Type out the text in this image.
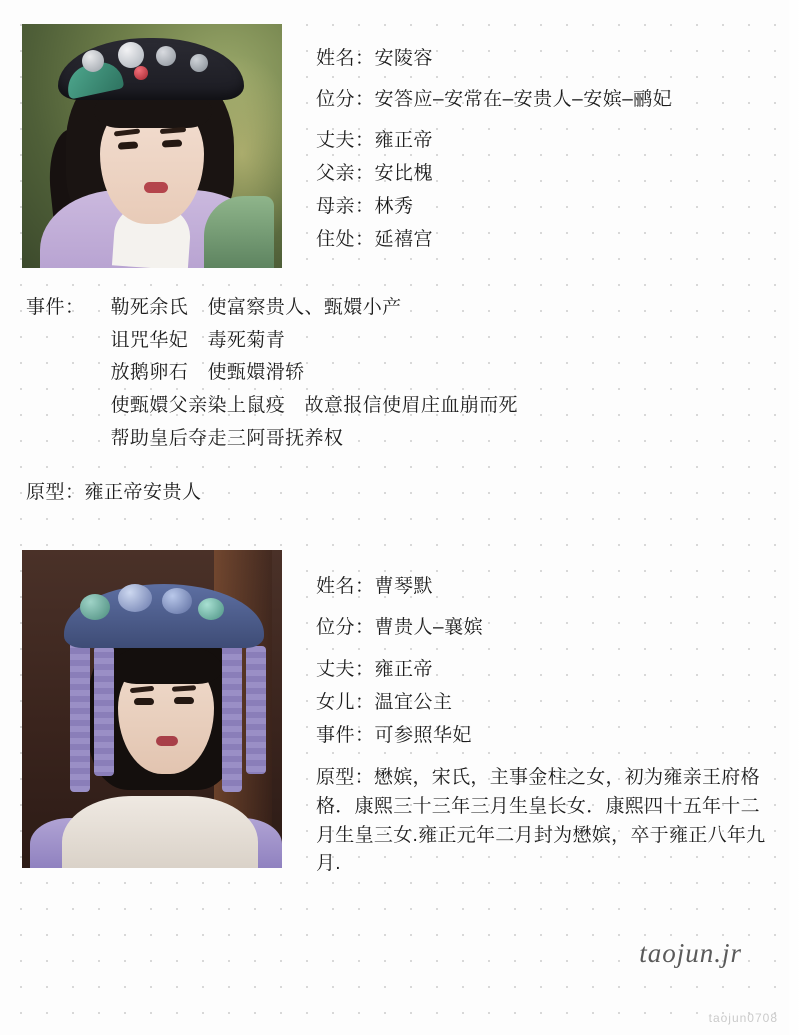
姓名：安陵容
位分：安答应–安常在–安贵人–安嫔–鹂妃
丈夫：雍正帝
父亲：安比槐
母亲：林秀
住处：延禧宫
事件：	勒死余氏　使富察贵人、甄嬛小产
诅咒华妃　毒死菊青
放鹅卵石　使甄嬛滑轿
使甄嬛父亲染上鼠疫　故意报信使眉庄血崩而死
帮助皇后夺走三阿哥抚养权
原型：雍正帝安贵人
姓名：曹琴默
位分：曹贵人–襄嫔
丈夫：雍正帝
女儿：温宜公主
事件：可参照华妃
原型：懋嫔，宋氏，主事金柱之女，初为雍亲王府格格．康熙三十三年三月生皇长女．康熙四十五年十二月生皇三女.雍正元年二月封为懋嫔，卒于雍正八年九月.
taojun.jr
taojun0708
